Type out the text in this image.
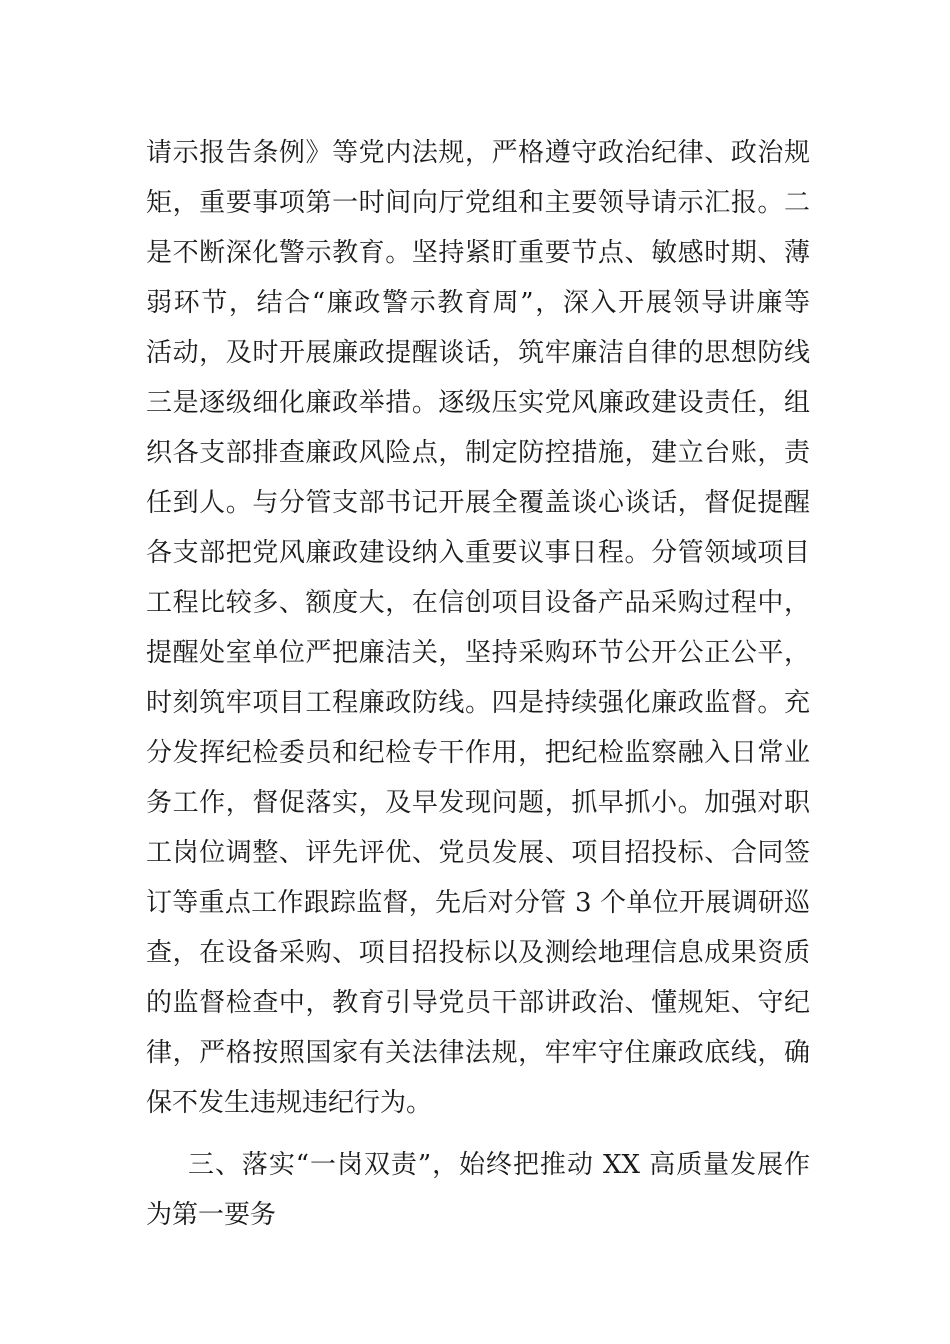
请示报告条例》等党内法规，严格遵守政治纪律、政治规
矩，重要事项第一时间向厅党组和主要领导请示汇报。二
是不断深化警示教育。坚持紧盯重要节点、敏感时期、薄
弱环节，结合“廉政警示教育周”，深入开展领导讲廉等
活动，及时开展廉政提醒谈话，筑牢廉洁自律的思想防线
三是逐级细化廉政举措。逐级压实党风廉政建设责任，组
织各支部排查廉政风险点，制定防控措施，建立台账，责
任到人。与分管支部书记开展全覆盖谈心谈话，督促提醒
各支部把党风廉政建设纳入重要议事日程。分管领域项目
工程比较多、额度大，在信创项目设备产品采购过程中，
提醒处室单位严把廉洁关，坚持采购环节公开公正公平，
时刻筑牢项目工程廉政防线。四是持续强化廉政监督。充
分发挥纪检委员和纪检专干作用，把纪检监察融入日常业
务工作，督促落实，及早发现问题，抓早抓小。加强对职
工岗位调整、评先评优、党员发展、项目招投标、合同签
订等重点工作跟踪监督，先后对分管 3 个单位开展调研巡
查，在设备采购、项目招投标以及测绘地理信息成果资质
的监督检查中，教育引导党员干部讲政治、懂规矩、守纪
律，严格按照国家有关法律法规，牢牢守住廉政底线，确
保不发生违规违纪行为。
三、落实“一岗双责”，始终把推动 XX 高质量发展作
为第一要务
